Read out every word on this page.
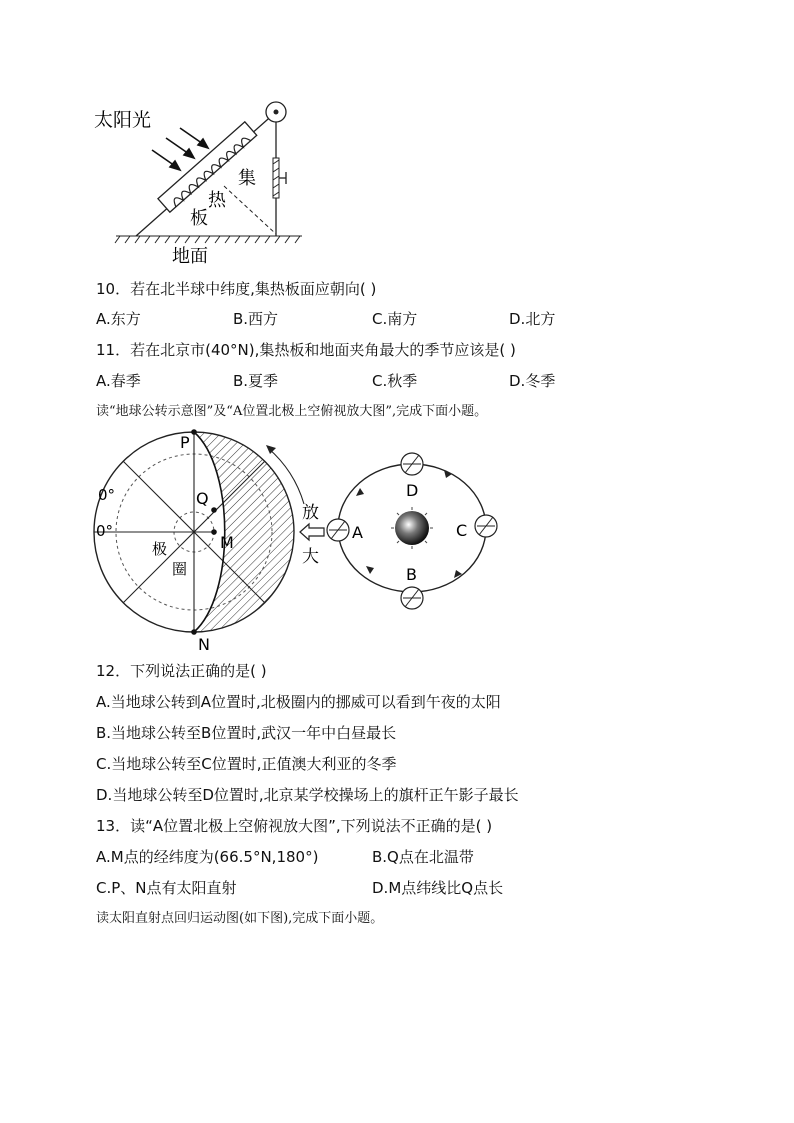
太阳光
集
热
板
地面
10．若在北半球中纬度,集热板面应朝向( )
A.东方	B.西方	C.南方	D.北方
11．若在北京市(40°N),集热板和地面夹角最大的季节应该是( )
A.春季	B.夏季	C.秋季	D.冬季
读“地球公转示意图”及“A位置北极上空俯视放大图”,完成下面小题。
P
N
Q
M
0°
0°
极
圈
放
大
A
D
C
B
12．下列说法正确的是( )
A.当地球公转到A位置时,北极圈内的挪威可以看到午夜的太阳
B.当地球公转至B位置时,武汉一年中白昼最长
C.当地球公转至C位置时,正值澳大利亚的冬季
D.当地球公转至D位置时,北京某学校操场上的旗杆正午影子最长
13．读“A位置北极上空俯视放大图”,下列说法不正确的是( )
A.M点的经纬度为(66.5°N,180°)	B.Q点在北温带
C.P、N点有太阳直射	D.M点纬线比Q点长
读太阳直射点回归运动图(如下图),完成下面小题。
